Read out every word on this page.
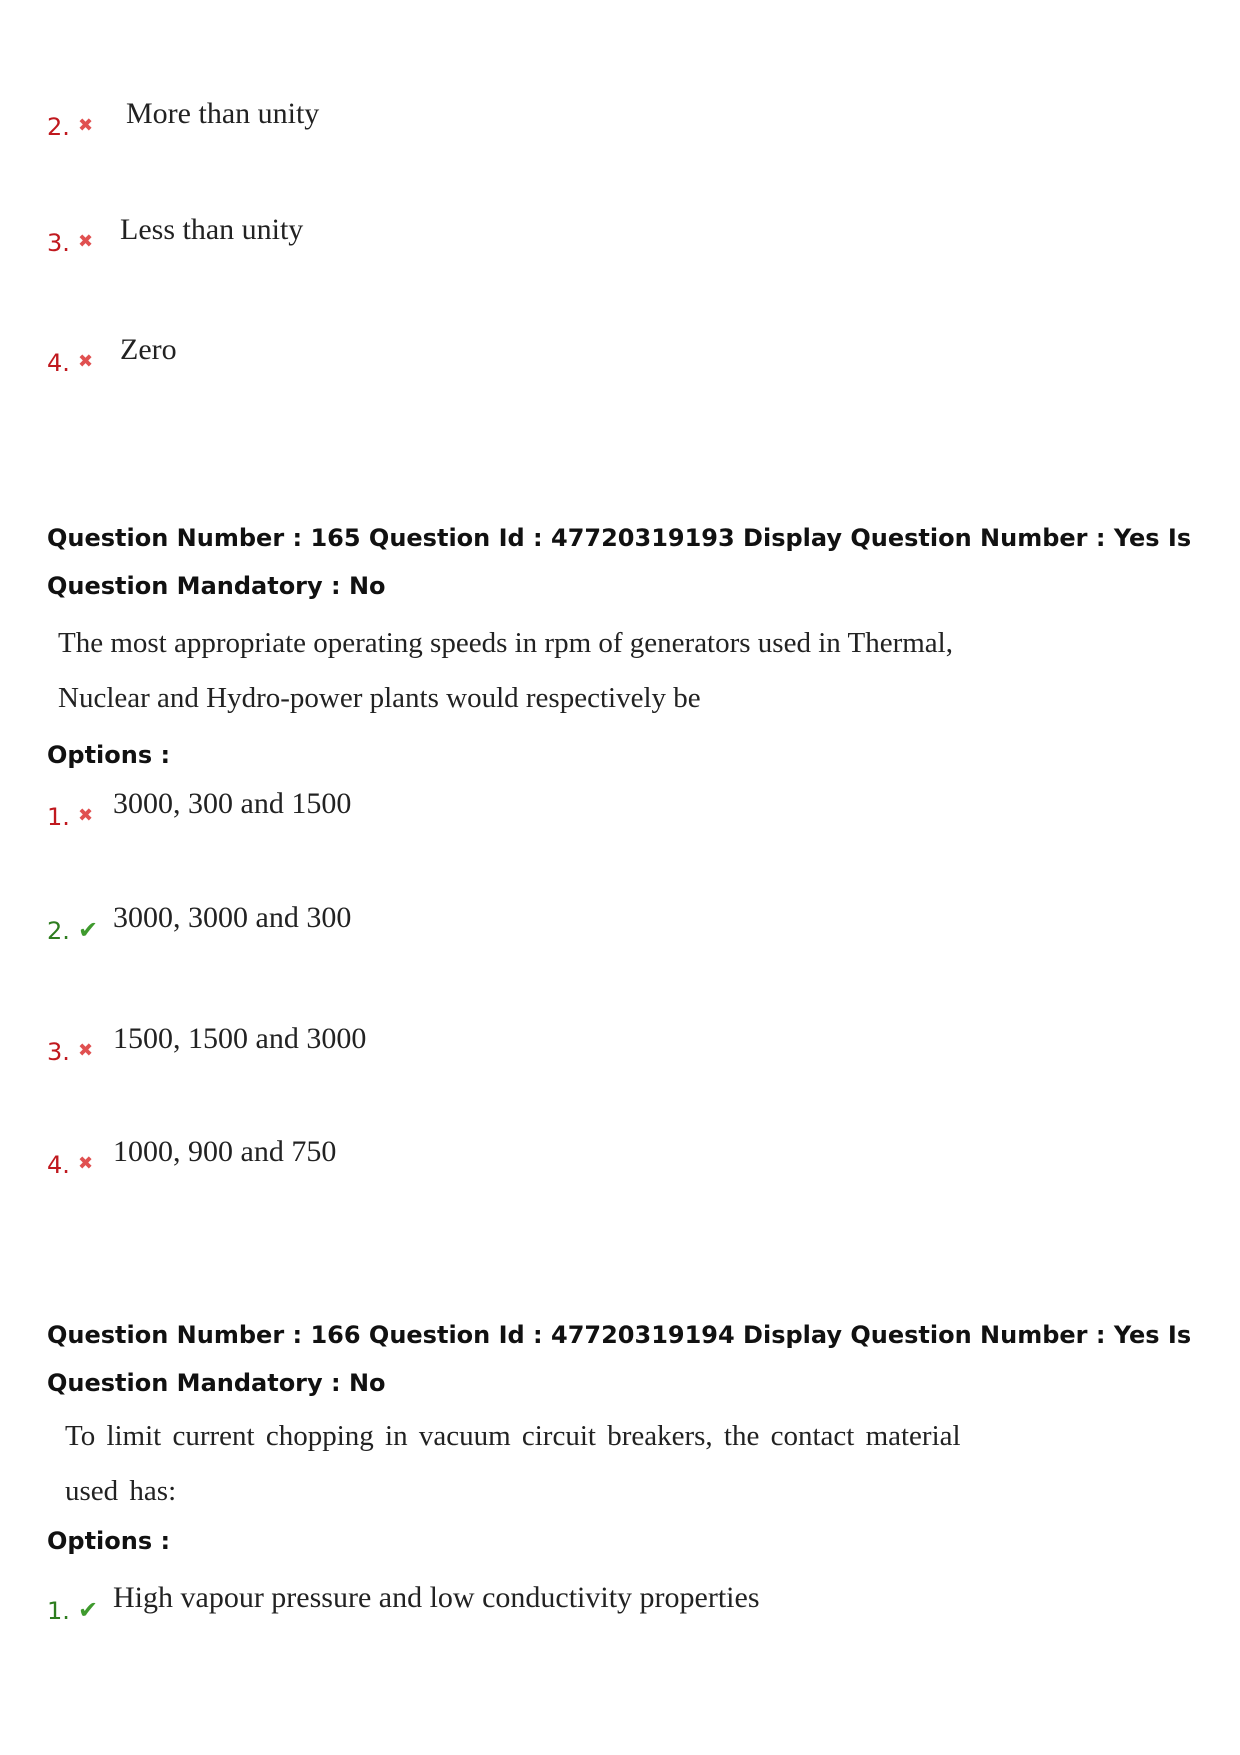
2. ✖ More than unity
3. ✖ Less than unity
4. ✖ Zero
Question Number : 165 Question Id : 47720319193 Display Question Number : Yes Is Question Mandatory : No
The most appropriate operating speeds in rpm of generators used in Thermal, Nuclear and Hydro-power plants would respectively be
Options :
1. ✖ 3000, 300 and 1500
2. ✔ 3000, 3000 and 300
3. ✖ 1500, 1500 and 3000
4. ✖ 1000, 900 and 750
Question Number : 166 Question Id : 47720319194 Display Question Number : Yes Is Question Mandatory : No
To limit current chopping in vacuum circuit breakers, the contact material used has:
Options :
1. ✔ High vapour pressure and low conductivity properties
